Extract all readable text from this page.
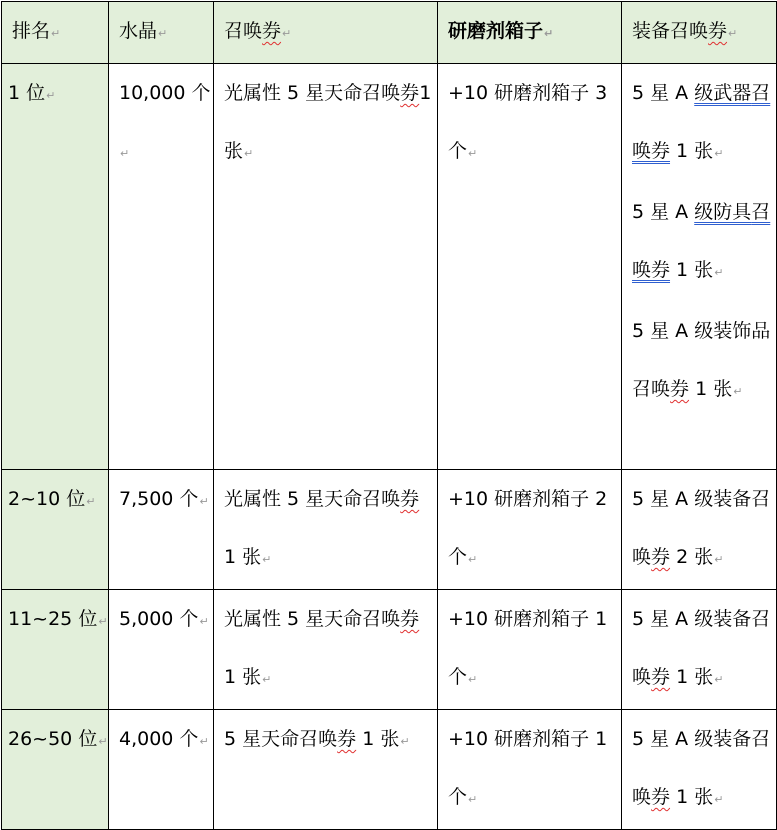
排名↵	水晶↵	召唤券↵	研磨剂箱子↵	装备召唤券↵
1 位↵	10,000 个↵	光属性 5 星天命召唤券1 张↵	+10 研磨剂箱子 3 个↵	5 星 A 级武器召唤券 1 张↵
5 星 A 级防具召唤券 1 张↵
5 星 A 级装饰品召唤券 1 张↵
2~10 位↵	7,500 个↵	光属性 5 星天命召唤券 1 张↵	+10 研磨剂箱子 2 个↵	5 星 A 级装备召唤券 2 张↵
11~25 位↵	5,000 个↵	光属性 5 星天命召唤券 1 张↵	+10 研磨剂箱子 1 个↵	5 星 A 级装备召唤券 1 张↵
26~50 位↵	4,000 个↵	5 星天命召唤券 1 张↵	+10 研磨剂箱子 1 个↵	5 星 A 级装备召唤券 1 张↵
